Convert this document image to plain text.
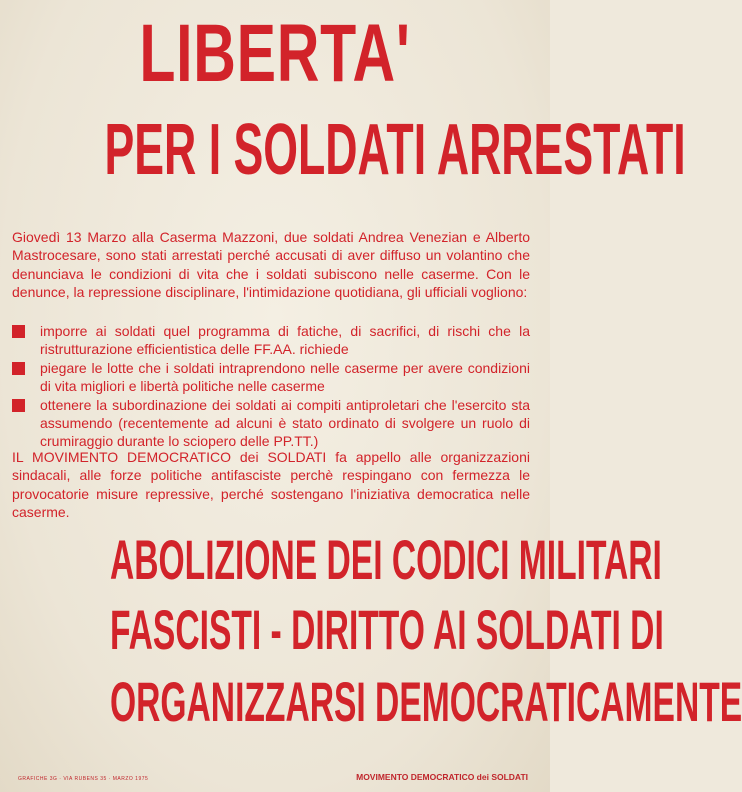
LIBERTA'
PER I SOLDATI ARRESTATI
Giovedì 13 Marzo alla Caserma Mazzoni, due soldati Andrea Venezian e Alberto Mastrocesare, sono stati arrestati perché accusati di aver diffuso un volantino che denunciava le condizioni di vita che i soldati subiscono nelle caserme. Con le denunce, la repressione disciplinare, l'intimidazione quotidiana, gli ufficiali vogliono:
imporre ai soldati quel programma di fatiche, di sacrifici, di rischi che la ristrutturazione efficientistica delle FF.AA. richiede
piegare le lotte che i soldati intraprendono nelle caserme per avere condizioni di vita migliori e libertà politiche nelle caserme
ottenere la subordinazione dei soldati ai compiti antiproletari che l'esercito sta assumendo (recentemente ad alcuni è stato ordinato di svolgere un ruolo di crumiraggio durante lo sciopero delle PP.TT.)
IL MOVIMENTO DEMOCRATICO dei SOLDATI fa appello alle organizzazioni sindacali, alle forze politiche antifasciste perchè respingano con fermezza le provocatorie misure repressive, perché sostengano l'iniziativa democratica nelle caserme.
ABOLIZIONE DEI CODICI MILITARI
FASCISTI - DIRITTO AI SOLDATI DI
ORGANIZZARSI DEMOCRATICAMENTE
GRAFICHE 3G · VIA RUBENS 35 · MARZO 1975	MOVIMENTO DEMOCRATICO dei SOLDATI
